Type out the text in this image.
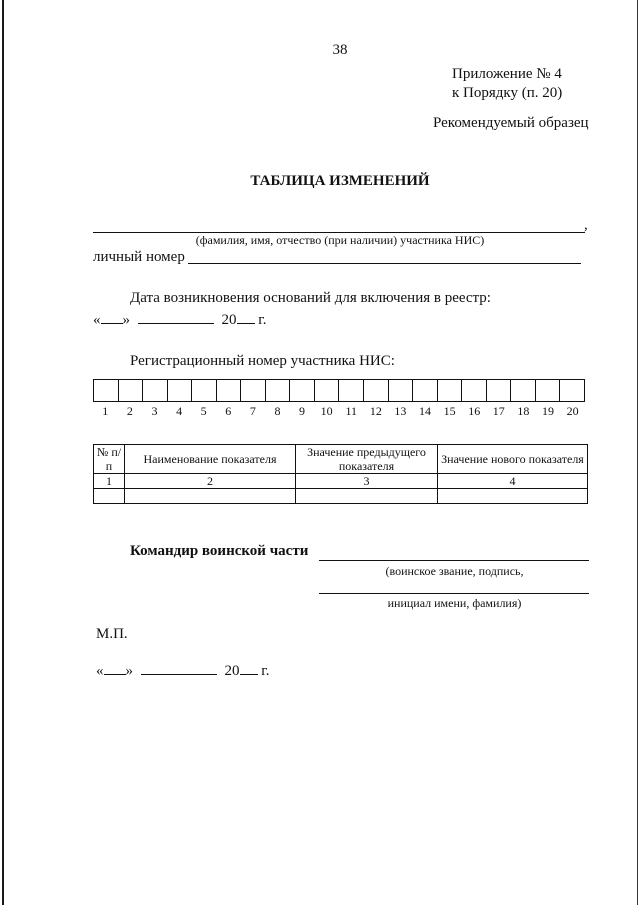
38
Приложение № 4
к Порядку (п. 20)
Рекомендуемый образец
ТАБЛИЦА ИЗМЕНЕНИЙ
,
(фамилия, имя, отчество (при наличии) участника НИС)
личный номер
Дата возникновения оснований для включения в реестр:
« »	20 г.
Регистрационный номер участника НИС:
1	2	3	4	5	6	7	8	9	10	11	12	13	14	15	16	17	18	19	20
№ п/п	Наименование показателя	Значение предыдущего показателя	Значение нового показателя
1	2	3	4

Командир воинской части
(воинское звание, подпись,
инициал имени, фамилия)
М.П.
« »	20 г.
